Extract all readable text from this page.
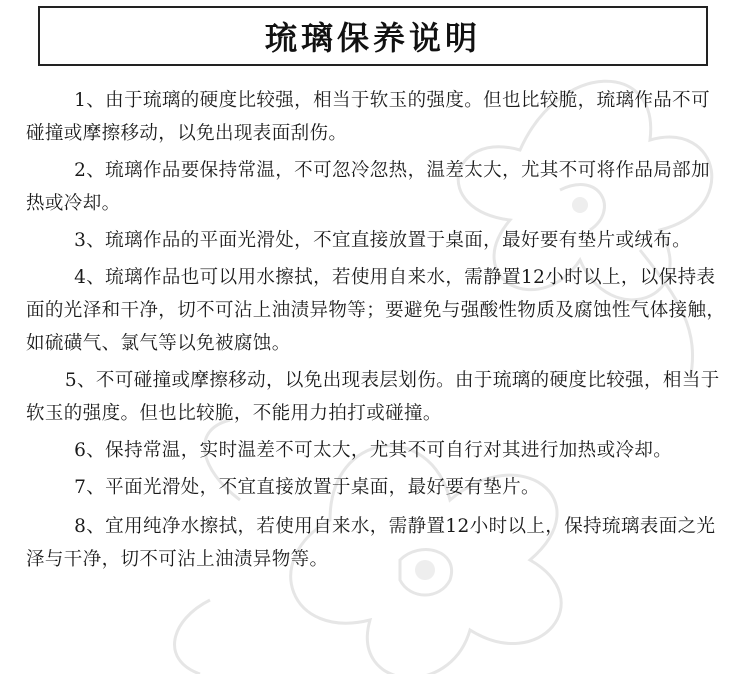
琉璃保养说明

1、由于琉璃的硬度比较强，相当于软玉的强度。但也比较脆，琉璃作品不可碰撞或摩擦移动，以免出现表面刮伤。

2、琉璃作品要保持常温，不可忽冷忽热，温差太大，尤其不可将作品局部加热或冷却。

3、琉璃作品的平面光滑处，不宜直接放置于桌面，最好要有垫片或绒布。

4、琉璃作品也可以用水擦拭，若使用自来水，需静置12小时以上，以保持表面的光泽和干净，切不可沾上油渍异物等；要避免与强酸性物质及腐蚀性气体接触，如硫磺气、氯气等以免被腐蚀。

5、不可碰撞或摩擦移动，以免出现表层划伤。由于琉璃的硬度比较强，相当于软玉的强度。但也比较脆，不能用力拍打或碰撞。

6、保持常温，实时温差不可太大，尤其不可自行对其进行加热或冷却。

7、平面光滑处，不宜直接放置于桌面，最好要有垫片。

8、宜用纯净水擦拭，若使用自来水，需静置12小时以上，保持琉璃表面之光泽与干净，切不可沾上油渍异物等。
